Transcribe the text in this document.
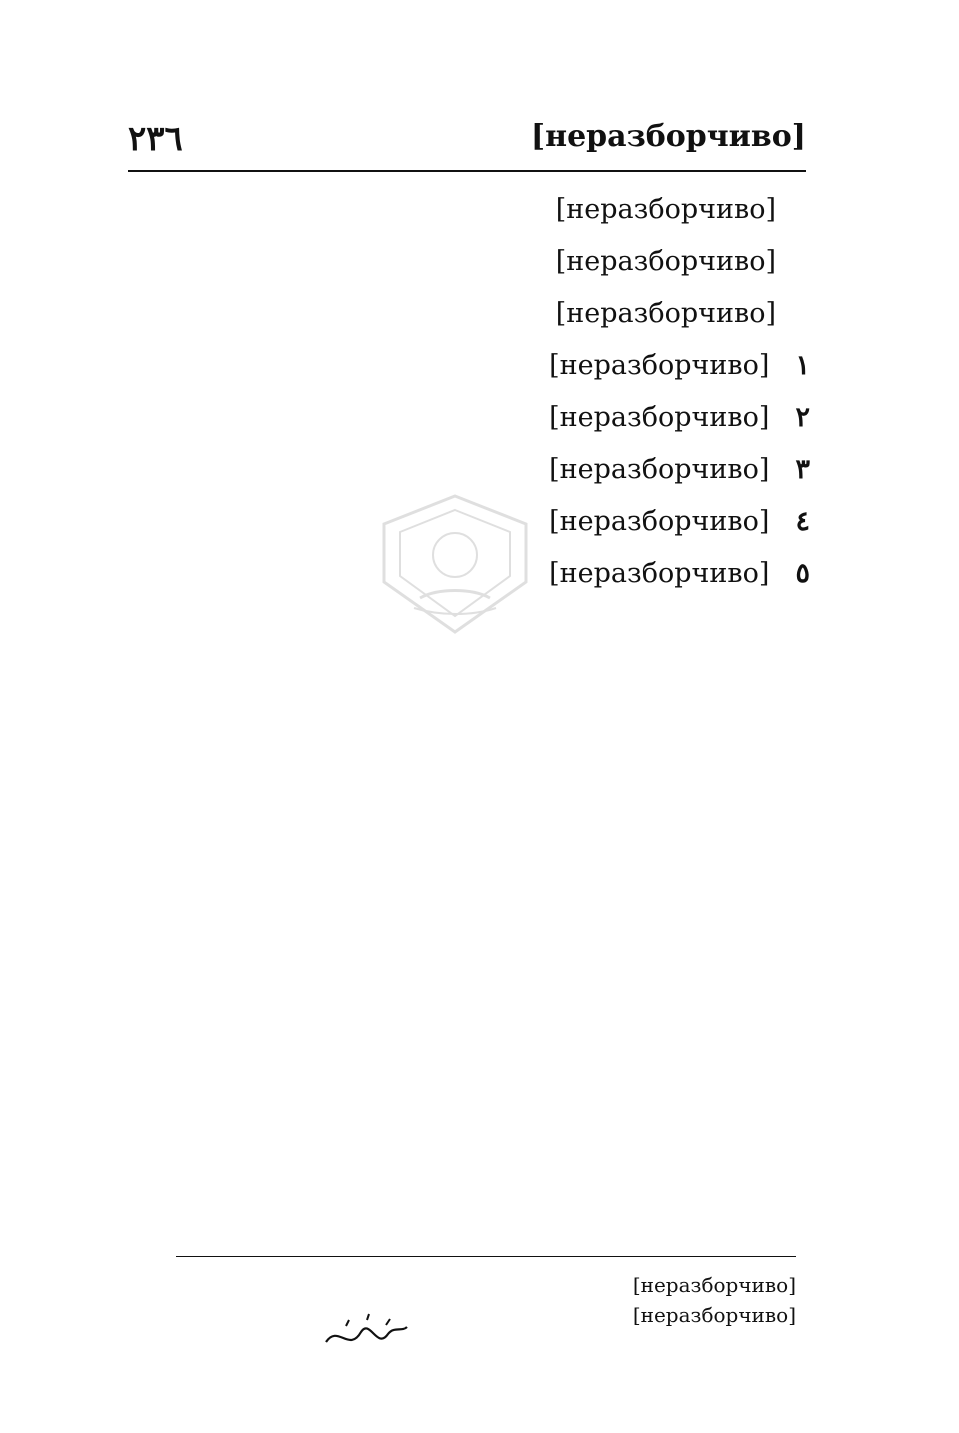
٢٣٦	[неразборчиво]

[неразборчиво]

[неразборчиво]

[неразборчиво]

١ [неразборчиво]
٢ [неразборчиво]
٣ [неразборчиво]
٤ [неразборчиво]
٥ [неразборчиво]

[неразборчиво]

[неразборчиво]
